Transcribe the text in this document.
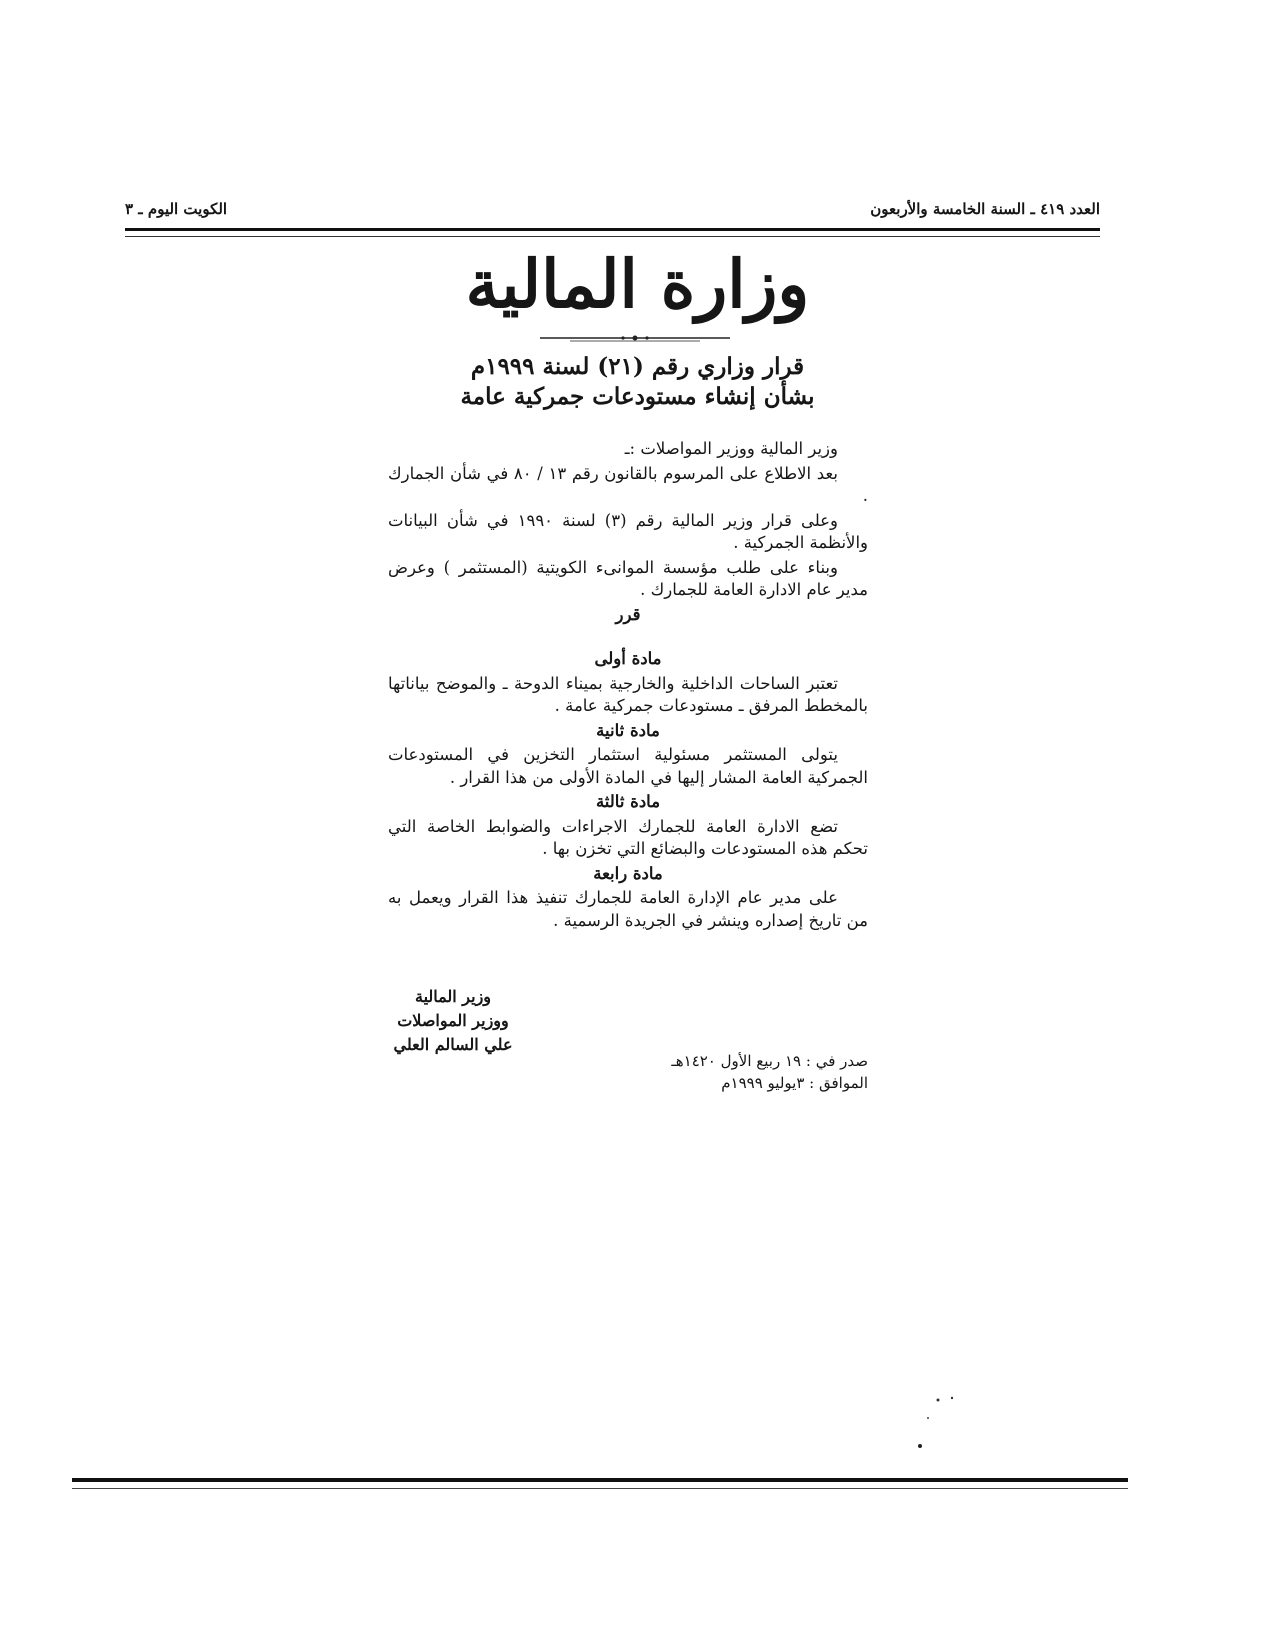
العدد ٤١٩ ـ السنة الخامسة والأربعون
الكويت اليوم ـ ٣
وزارة المالية
قرار وزاري رقم (٢١) لسنة ١٩٩٩م
بشأن إنشاء مستودعات جمركية عامة

وزير المالية ووزير المواصلات :ـ

بعد الاطلاع على المرسوم بالقانون رقم ١٣ / ٨٠ في شأن الجمارك .

وعلى قرار وزير المالية رقم (٣) لسنة ١٩٩٠ في شأن البيانات والأنظمة الجمركية .

وبناء على طلب مؤسسة الموانىء الكويتية (المستثمر ) وعرض مدير عام الادارة العامة للجمارك .

قرر

مادة أولى

تعتبر الساحات الداخلية والخارجية بميناء الدوحة ـ والموضح بياناتها بالمخطط المرفق ـ مستودعات جمركية عامة .

مادة ثانية

يتولى المستثمر مسئولية استثمار التخزين في المستودعات الجمركية العامة المشار إليها في المادة الأولى من هذا القرار .

مادة ثالثة

تضع الادارة العامة للجمارك الاجراءات والضوابط الخاصة التي تحكم هذه المستودعات والبضائع التي تخزن بها .

مادة رابعة

على مدير عام الإدارة العامة للجمارك تنفيذ هذا القرار ويعمل به من تاريخ إصداره وينشر في الجريدة الرسمية .

وزير المالية
ووزير المواصلات
علي السالم العلي
صدر في : ١٩ ربيع الأول ١٤٢٠هـ
الموافق : ٣يوليو ١٩٩٩م
